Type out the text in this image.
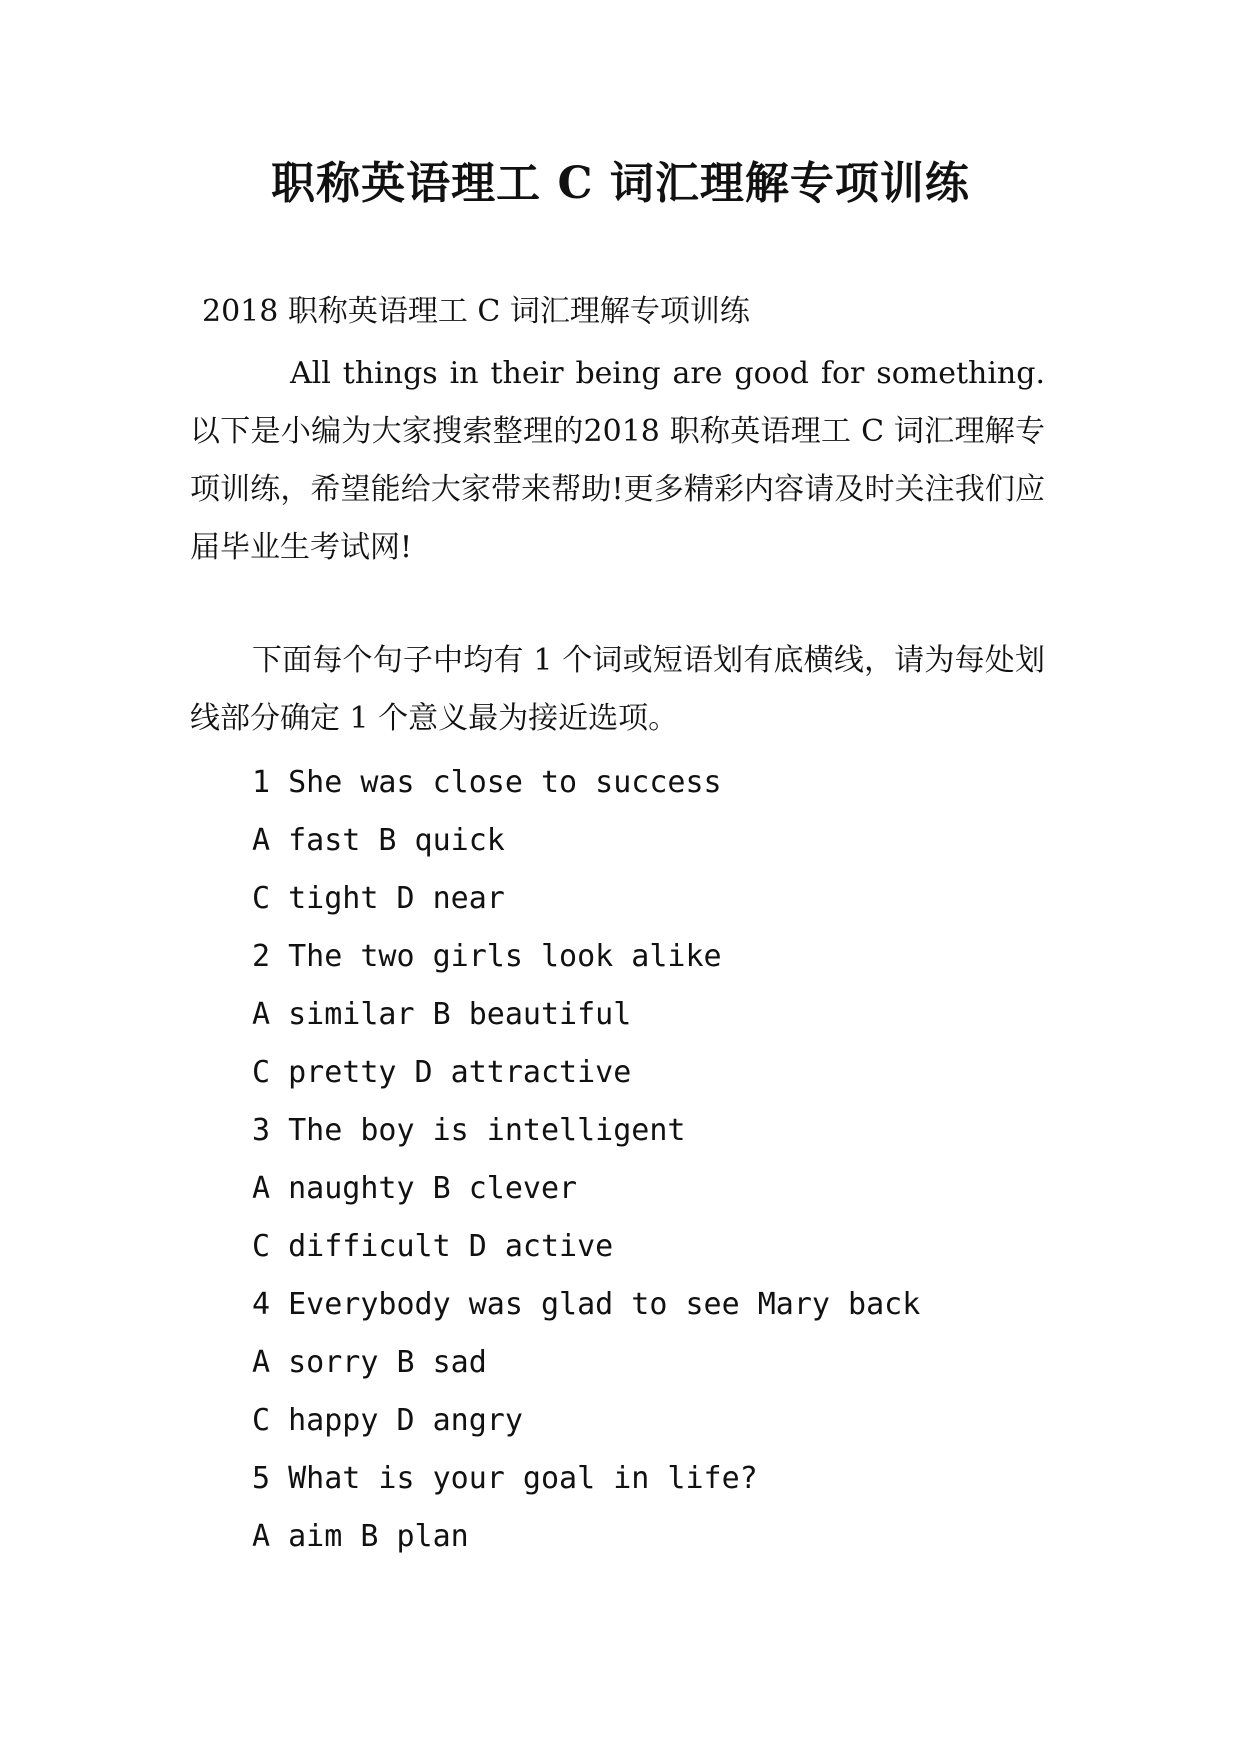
职称英语理工 C 词汇理解专项训练

2018 职称英语理工 C 词汇理解专项训练

All things in their being are good for something.以下是小编为大家搜索整理的2018 职称英语理工 C 词汇理解专项训练，希望能给大家带来帮助!更多精彩内容请及时关注我们应届毕业生考试网!

下面每个句子中均有 1 个词或短语划有底横线，请为每处划线部分确定 1 个意义最为接近选项。

1 She was close to success
A fast B quick
C tight D near
2 The two girls look alike
A similar B beautiful
C pretty D attractive
3 The boy is intelligent
A naughty B clever
C difficult D active
4 Everybody was glad to see Mary back
A sorry B sad
C happy D angry
5 What is your goal in life?
A aim B plan
